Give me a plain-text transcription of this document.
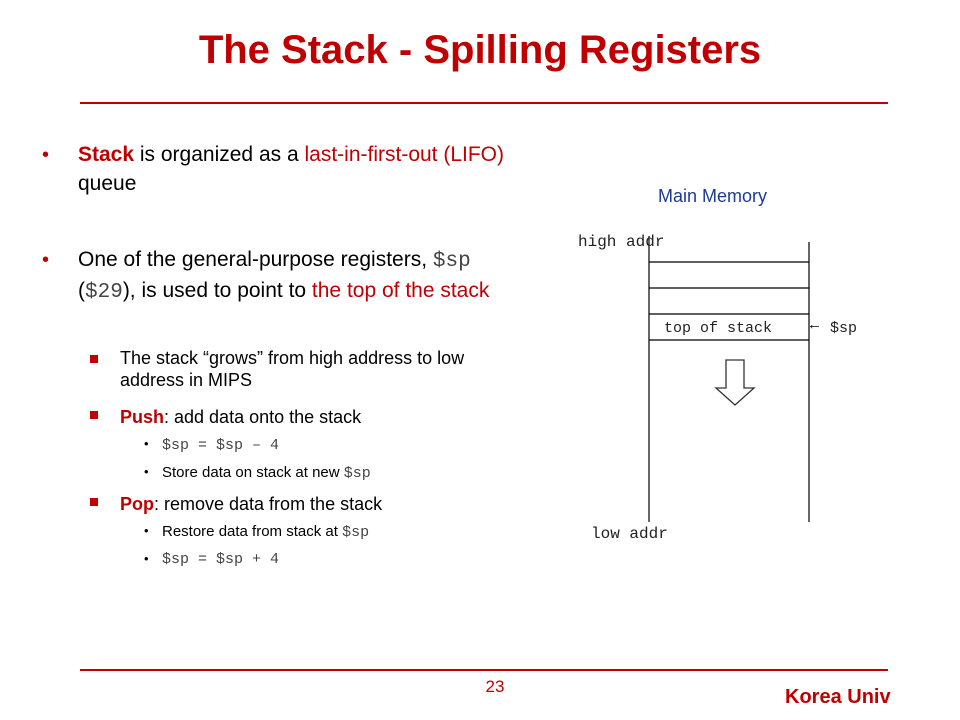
The Stack - Spilling Registers
• Stack is organized as a last-in-first-out (LIFO) queue
• One of the general-purpose registers, $sp ($29), is used to point to the top of the stack
The stack “grows” from high address to low address in MIPS
Push: add data onto the stack
• $sp = $sp – 4
• Store data on stack at new $sp
Pop: remove data from the stack
• Restore data from stack at $sp
• $sp = $sp + 4
Main Memory
high addr
top of stack	← $sp
low addr
23	Korea Univ
